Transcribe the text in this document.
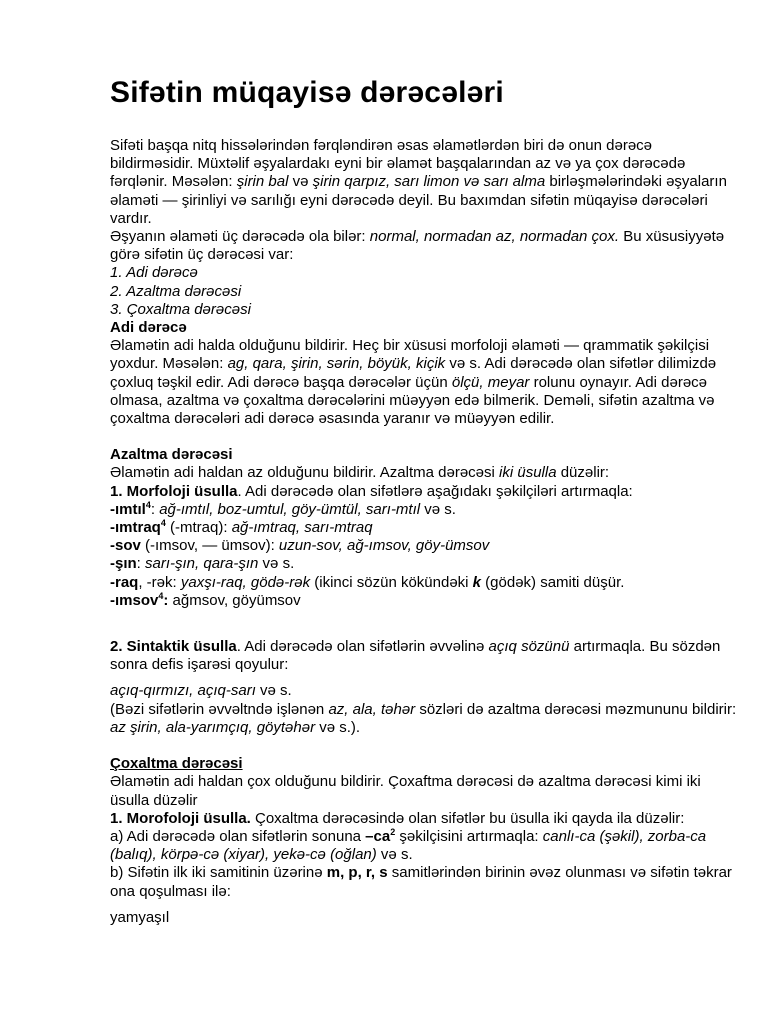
Sifətin müqayisə dərəcələri

Sifəti başqa nitq hissələrindən fərqləndirən əsas əlamətlərdən biri də onun dərəcə bildirməsidir. Müxtəlif əşyalardakı eyni bir əlamət başqalarından az və ya çox dərəcədə fərqlənir. Məsələn: şirin bal və şirin qarpız, sarı limon və sarı alma birləşmələrindəki əşyaların əlaməti — şirinliyi və sarılığı eyni dərəcədə deyil. Bu baxımdan sifətin müqayisə dərəcələri vardır.

Əşyanın əlaməti üç dərəcədə ola bilər: normal, normadan az, normadan çox. Bu xüsusiyyətə görə sifətin üç dərəcəsi var:

1. Adi dərəcə

2. Azaltma dərəcəsi

3. Çoxaltma dərəcəsi

Adi dərəcə

Əlamətin adi halda olduğunu bildirir. Heç bir xüsusi morfoloji əlaməti — qrammatik şəkilçisi yoxdur. Məsələn: ag, qara, şirin, sərin, böyük, kiçik və s. Adi dərəcədə olan sifətlər dilimizdə çoxluq təşkil edir. Adi dərəcə başqa dərəcələr üçün ölçü, meyar rolunu oynayır. Adi dərəcə olmasa, azaltma və çoxaltma dərəcələrini müəyyən edə bilmerik. Deməli, sifətin azaltma və çoxaltma dərəcələri adi dərəcə əsasında yaranır və müəyyən edilir.

Azaltma dərəcəsi

Əlamətin adi haldan az olduğunu bildirir. Azaltma dərəcəsi iki üsulla düzəlir:

1. Morfoloji üsulla. Adi dərəcədə olan sifətlərə aşağıdakı şəkilçiləri artırmaqla:

-ımtıl$^4$: ağ-ımtıl, boz-umtul, göy-ümtül, sarı-mtıl və s.

-ımtraq$^4$ (-mtraq): ağ-ımtraq, sarı-mtraq

-sov (-ımsov, — ümsov): uzun-sov, ağ-ımsov, göy-ümsov

-şın: sarı-şın, qara-şın və s.

-raq, -rək: yaxşı-raq, gödə-rək (ikinci sözün kökündəki k (gödək) samiti düşür.

-ımsov$^4$: ağmsov, göyümsov

2. Sintaktik üsulla. Adi dərəcədə olan sifətlərin əvvəlinə açıq sözünü artırmaqla. Bu sözdən sonra defis işarəsi qoyulur:

açıq-qırmızı, açıq-sarı və s.

(Bəzi sifətlərin əvvəltndə işlənən az, ala, təhər sözləri də azaltma dərəcəsi məzmununu bildirir: az şirin, ala-yarımçıq, göytəhər və s.).

Çoxaltma dərəcəsi

Əlamətin adi haldan çox olduğunu bildirir. Çoxaftma dərəcəsi də azaltma dərəcəsi kimi iki üsulla düzəlir

1. Morofoloji üsulla. Çoxaltma dərəcəsində olan sifətlər bu üsulla iki qayda ila düzəlir:

a) Adi dərəcədə olan sifətlərin sonuna $-ca^2$ şəkilçisini artırmaqla: canlı-ca (şəkil), zorba-ca (balıq), körpə-cə (xiyar), yekə-cə (oğlan) və s.

b) Sifətin ilk iki samitinin üzərinə m, p, r, s samitlərindən birinin əvəz olunması və sifətin təkrar ona qoşulması ilə:

yamyaşıl
